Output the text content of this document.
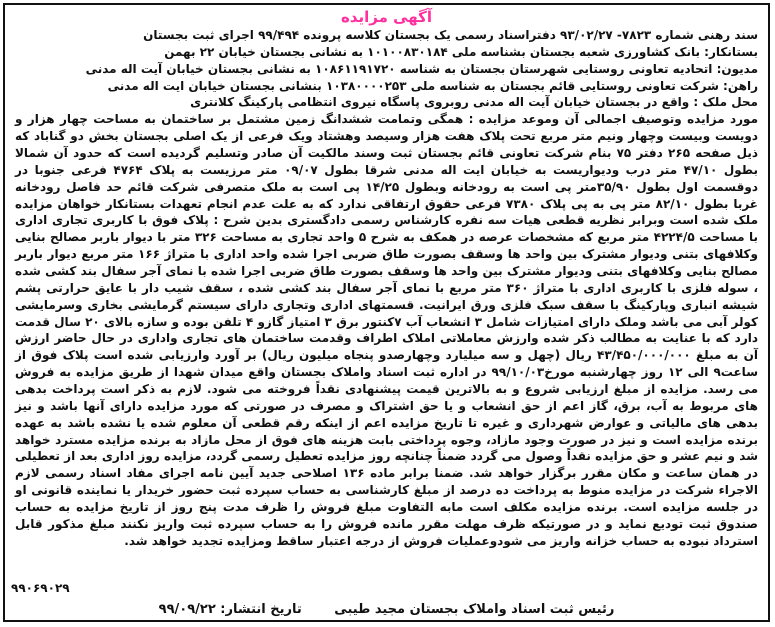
آگهی مزایده

سند رهنی شماره ۷۸۲۳- ۹۳/۰۲/۲۷ دفتراسناد رسمی یک بجستان کلاسه پرونده ۹۹/۴۹۴ اجرای ثبت بجستان

بستانکار: بانک کشاورزی شعبه بجستان بشناسه ملی ۱۰۱۰۰۸۳۰۱۸۴ به نشانی بجستان خیابان ۲۲ بهمن

مدیون: اتحادیه تعاونی روستایی شهرستان بجستان به شناسه ۱۰۸۶۱۱۹۱۷۲۰ به نشانی بجستان خیابان آیت اله مدنی

راهن: شرکت تعاونی روستایی قائم بجستان به شناسه ملی ۱۰۳۸۰۰۰۰۲۵۳ بنشانی بجستان خیابان ایت اله مدنی

محل ملک : واقع در بجستان خیابان آیت اله مدنی روبروی پاسگاه نیروی انتظامی پارکینگ کلانتری

مورد مزایده وتوصیف اجمالی آن وموعد مزایده : همگی وتمامت ششدانگ زمین مشتمل بر ساختمان به مساحت چهار هزار و دویست وبیست وچهار ونیم متر مربع تحت پلاک هفت هزار وسیصد وهشتاد ویک فرعی از یک اصلی بجستان بخش دو گناباد که ذیل صفحه ۲۶۵ دفتر ۷۵ بنام شرکت تعاونی قائم بجستان ثبت وسند مالکیت آن صادر وتسلیم گردیده است که حدود آن شمالا بطول ۴۷/۱۰ متر درب ودیواریست به خیابان ایت اله مدنی شرقا بطول ۰۹/۰۷ متر مرزیست به پلاک ۴۷۶۴ فرعی جنوبا در دوقسمت اول بطول ۳۵/۹۰متر پی است به رودخانه وبطول ۱۴/۲۵ پی است به ملک متصرفی شرکت قائم حد فاصل رودخانه غربا بطول ۸۲/۱۰ متر پی به پی پلاک ۷۳۸۰ فرعی حقوق ارتفاقی ندارد که به علت عدم انجام تعهدات بستانکار خواهان مزایده ملک شده است وبرابر نظریه قطعی هیات سه نفره کارشناس رسمی دادگستری بدین شرح : پلاک فوق با کاربری تجاری اداری با مساحت ۴۲۲۴/۵ متر مربع که مشخصات عرصه در همکف به شرح ۵ واحد تجاری به مساحت ۳۲۶ متر با دیوار باربر مصالح بنایی وکلافهای بتنی ودیوار مشترک بین واحد ها وسقف بصورت طاق ضربی اجرا شده واحد اداری با متراژ ۱۶۶ متر مربع دیوار باربر مصالح بنایی وکلافهای بتنی ودیوار مشترک بین واحد ها وسقف بصورت طاق ضربی اجرا شده با نمای آجر سفال بند کشی شده ، سوله فلزی با کاربری اداری با متراژ ۳۶۰ متر مربع با نمای آجر سفال بند کشی شده ، سقف شیب دار با عایق حرارتی پشم شیشه انباری وپارکینگ با سقف سبک فلزی ورق ایرانیت. قسمتهای اداری وتجاری دارای سیستم گرمایشی بخاری وسرمایشی کولر آبی می باشد وملک دارای امتیازات شامل ۳ انشعاب آب ۷کنتور برق ۳ امتیاز گازو ۴ تلفن بوده و سازه بالای ۲۰ سال قدمت دارد که با عنایت به مطالب ذکر شده وارزش معاملاتی املاک اطراف وقدمت ساختمان های تجاری واداری در حال حاضر ارزش آن به مبلغ ۴۳/۴۵۰/۰۰۰/۰۰۰ ریال (چهل و سه میلیارد وچهارصدو پنجاه میلیون ریال) بر آورد وارزیابی شده است پلاک فوق از ساعت۹ الی ۱۲ روز چهارشنبه مورخ۹۹/۱۰/۰۳ در اداره ثبت اسناد واملاک بجستان واقع میدان شهدا از طریق مزایده به فروش می رسد. مزایده از مبلغ ارزیابی شروع و به بالاترین قیمت پیشنهادی نقداً فروخته می شود. لازم به ذکر است پرداخت بدهی های مربوط به آب، برق، گاز اعم از حق انشعاب و یا حق اشتراک و مصرف در صورتی که مورد مزایده دارای آنها باشد و نیز بدهی های مالیاتی و عوارض شهرداری و غیره تا تاریخ مزایده اعم از اینکه رقم قطعی آن معلوم شده یا نشده باشد به عهده برنده مزایده است و نیز در صورت وجود مازاد، وجوه پرداختی بابت هزینه های فوق از محل مازاد به برنده مزایده مسترد خواهد شد و نیم عشر و حق مزایده نقداً وصول می گردد ضمناً چنانچه روز مزایده تعطیل رسمی گردد، مزایده روز اداری بعد از تعطیلی در همان ساعت و مکان مقرر برگزار خواهد شد. ضمنا برابر ماده ۱۳۶ اصلاحی جدید آیین نامه اجرای مفاد اسناد رسمی لازم الاجراء شرکت در مزایده منوط به پرداخت ده درصد از مبلغ کارشناسی به حساب سپرده ثبت حضور خریدار یا نماینده قانونی او در جلسه مزایده است. برنده مزایده مکلف است مابه التفاوت مبلغ فروش را ظرف مدت پنج روز از تاریخ مزایده به حساب صندوق ثبت تودیع نماید و در صورتیکه ظرف مهلت مقرر مانده فروش را به حساب سپرده ثبت واریز نکنند مبلغ مذکور قابل استرداد نبوده به حساب خزانه واریز می شودوعملیات فروش از درجه اعتبار ساقط ومزایده تجدید خواهد شد.

۹۹۰۶۹۰۲۹
رئیس ثبت اسناد واملاک بجستان مجید طیبی تاریخ انتشار: ۹۹/۰۹/۲۲
